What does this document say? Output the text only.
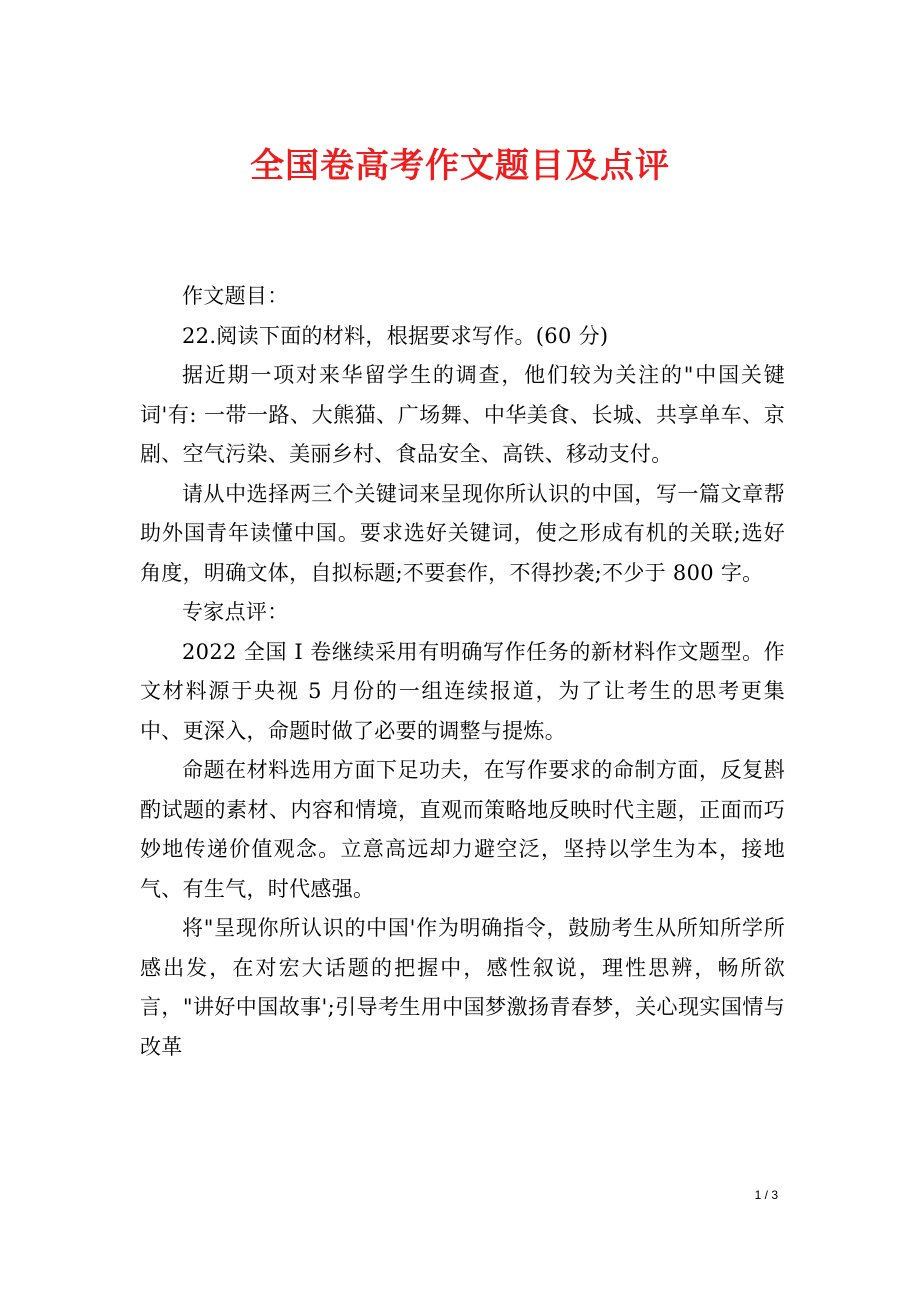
全国卷高考作文题目及点评

作文题目：

22.阅读下面的材料，根据要求写作。(60 分)

据近期一项对来华留学生的调查，他们较为关注的"中国关键词'有: 一带一路、大熊猫、广场舞、中华美食、长城、共享单车、京剧、空气污染、美丽乡村、食品安全、高铁、移动支付。

请从中选择两三个关键词来呈现你所认识的中国，写一篇文章帮助外国青年读懂中国。要求选好关键词，使之形成有机的关联;选好角度，明确文体，自拟标题;不要套作，不得抄袭;不少于 800 字。

专家点评：

2022 全国 I 卷继续采用有明确写作任务的新材料作文题型。作文材料源于央视 5 月份的一组连续报道，为了让考生的思考更集中、更深入，命题时做了必要的调整与提炼。

命题在材料选用方面下足功夫，在写作要求的命制方面，反复斟酌试题的素材、内容和情境，直观而策略地反映时代主题，正面而巧妙地传递价值观念。立意高远却力避空泛，坚持以学生为本，接地气、有生气，时代感强。

将"呈现你所认识的中国'作为明确指令，鼓励考生从所知所学所感出发，在对宏大话题的把握中，感性叙说，理性思辨，畅所欲言，"讲好中国故事';引导考生用中国梦激扬青春梦，关心现实国情与改革

1 / 3
